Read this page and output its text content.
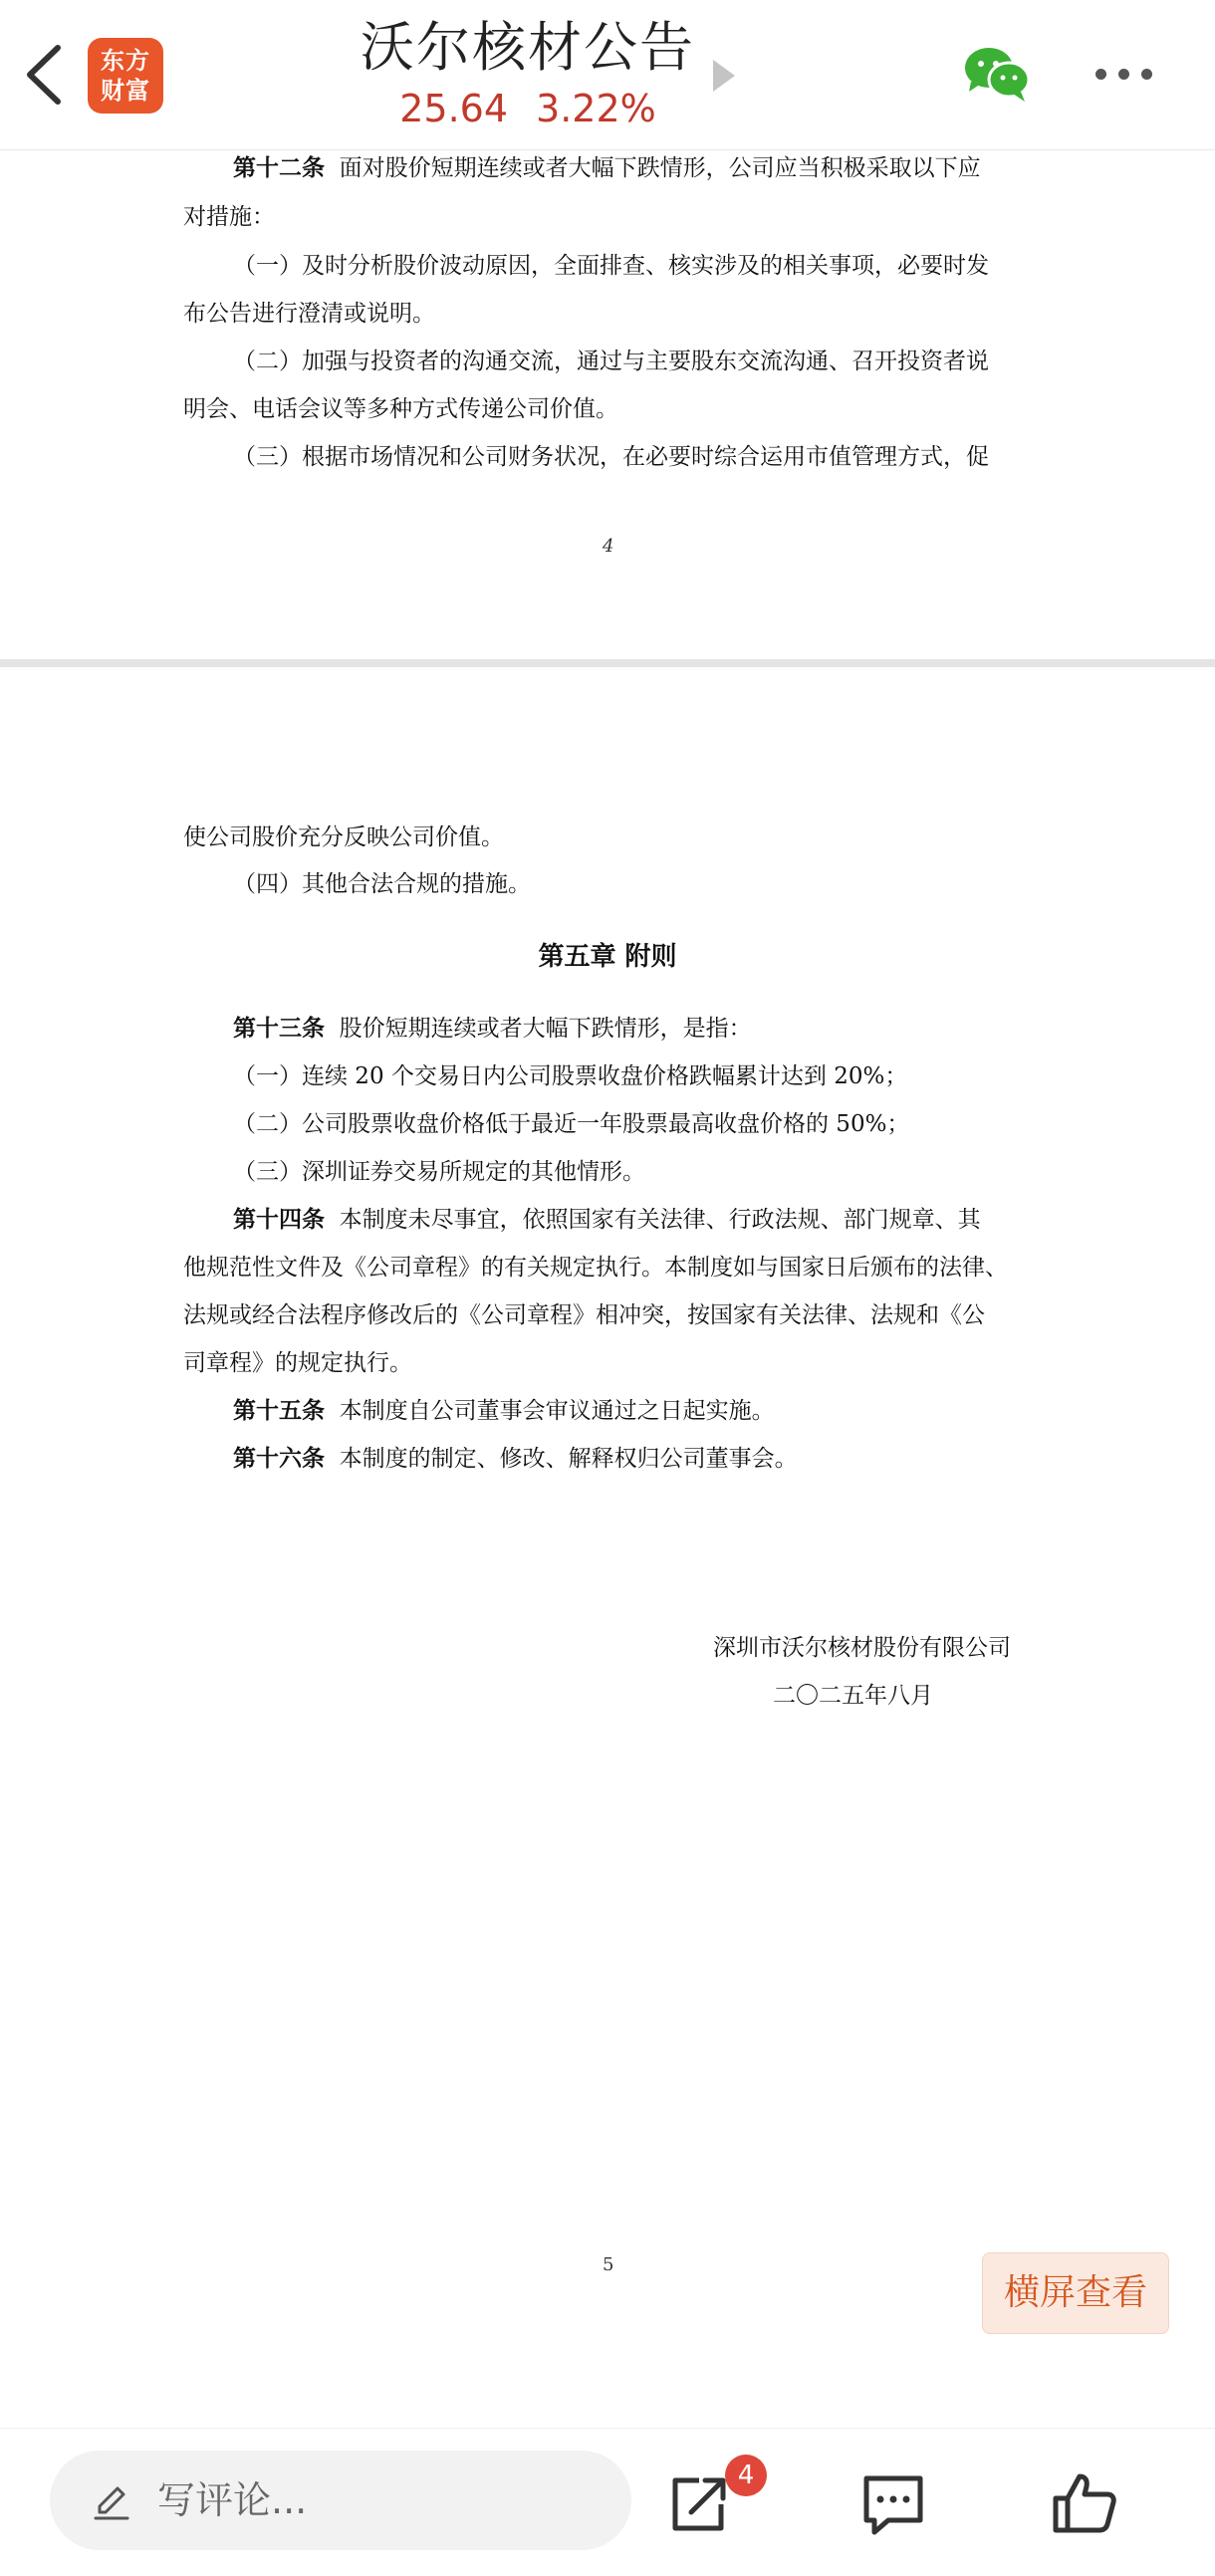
东方
财富
沃尔核材公告
25.64 3.22%
第十二条 面对股价短期连续或者大幅下跌情形，公司应当积极采取以下应
对措施：
（一）及时分析股价波动原因，全面排查、核实涉及的相关事项，必要时发
布公告进行澄清或说明。
（二）加强与投资者的沟通交流，通过与主要股东交流沟通、召开投资者说
明会、电话会议等多种方式传递公司价值。
（三）根据市场情况和公司财务状况，在必要时综合运用市值管理方式，促
4
使公司股价充分反映公司价值。
（四）其他合法合规的措施。
第五章 附则
第十三条 股价短期连续或者大幅下跌情形，是指：
（一）连续 20 个交易日内公司股票收盘价格跌幅累计达到 20%；
（二）公司股票收盘价格低于最近一年股票最高收盘价格的 50%；
（三）深圳证券交易所规定的其他情形。
第十四条 本制度未尽事宜，依照国家有关法律、行政法规、部门规章、其
他规范性文件及《公司章程》的有关规定执行。本制度如与国家日后颁布的法律、
法规或经合法程序修改后的《公司章程》相冲突，按国家有关法律、法规和《公
司章程》的规定执行。
第十五条 本制度自公司董事会审议通过之日起实施。
第十六条 本制度的制定、修改、解释权归公司董事会。
深圳市沃尔核材股份有限公司
二〇二五年八月
5
横屏查看
写评论...
4
